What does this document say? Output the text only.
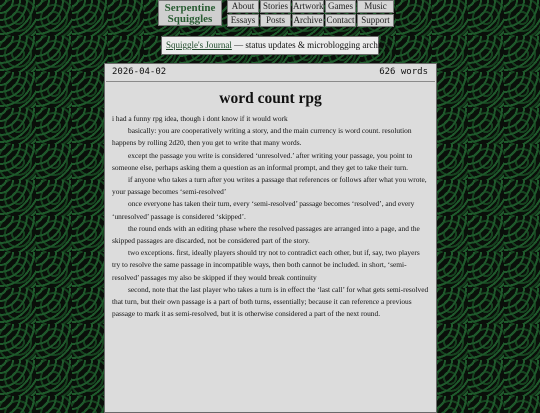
Serpentine
Squiggles
About Stories Artwork Games	Music
Essays	Posts Archive Contact Support
Squiggle's Journal — status updates & microblogging archive
2026-04-02	626 words
word count rpg

i had a funny rpg idea, though i dont know if it would work

basically: you are cooperatively writing a story, and the main currency is word count. resolution happens by rolling 2d20, then you get to write that many words.

except the passage you write is considered ‘unresolved.’ after writing your passage, you point to someone else, perhaps asking them a question as an informal prompt, and they get to take their turn.

if anyone who takes a turn after you writes a passage that references or follows after what you wrote, your passage becomes ‘semi-resolved’

once everyone has taken their turn, every ‘semi-resolved’ passage becomes ‘resolved’, and every ‘unresolved’ passage is considered ‘skipped’.

the round ends with an editing phase where the resolved passages are arranged into a page, and the skipped passages are discarded, not be considered part of the story.

two exceptions. first, ideally players should try not to contradict each other, but if, say, two players try to resolve the same passage in incompatible ways, then both cannot be included. in short, ‘semi-resolved’ passages my also be skipped if they would break continuity

second, note that the last player who takes a turn is in effect the ‘last call’ for what gets semi-resolved that turn, but their own passage is a part of both turns, essentially; because it can reference a previous passage to mark it as semi-resolved, but it is otherwise considered a part of the next round.
